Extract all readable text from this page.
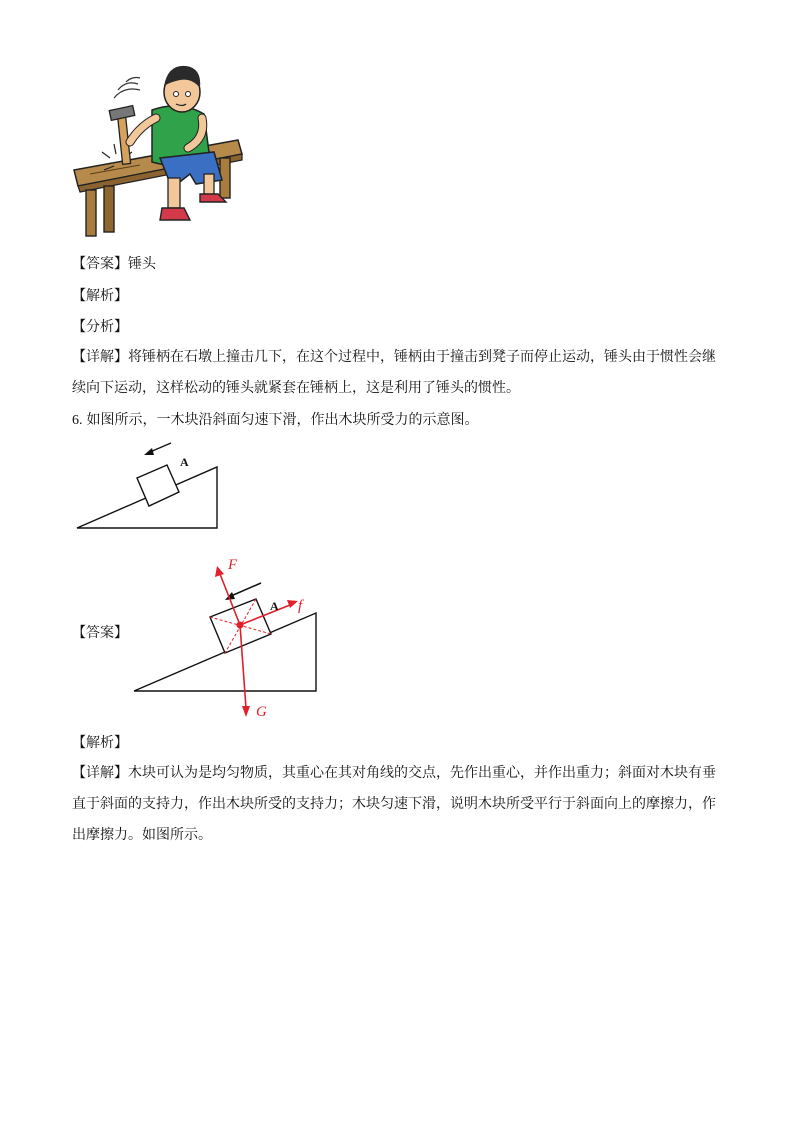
【答案】锤头
【解析】
【分析】
【详解】将锤柄在石墩上撞击几下，在这个过程中，锤柄由于撞击到凳子而停止运动，锤头由于惯性会继续向下运动，这样松动的锤头就紧套在锤柄上，这是利用了锤头的惯性。
6. 如图所示，一木块沿斜面匀速下滑，作出木块所受力的示意图。
A
【答案】
A
F
f
G
【解析】
【详解】木块可认为是均匀物质，其重心在其对角线的交点，先作出重心，并作出重力；斜面对木块有垂直于斜面的支持力，作出木块所受的支持力；木块匀速下滑，说明木块所受平行于斜面向上的摩擦力，作出摩擦力。如图所示。
